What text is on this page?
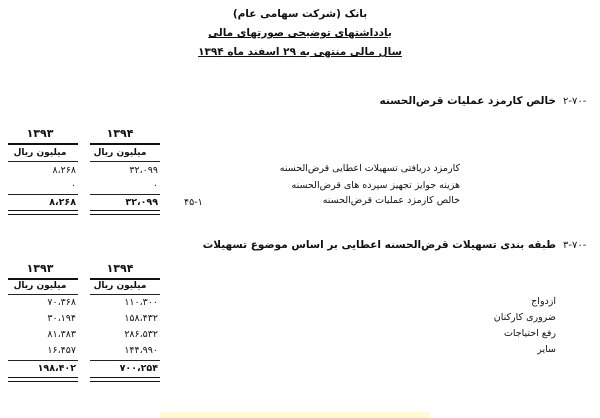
بانک (شرکت سهامی عام)
یادداشتهای توضیحی صورتهای مالی
سال مالی منتهی به ۲۹ اسفند ماه ۱۳۹۴
۲-۷۰-
خالص کارمزد عملیات قرض‌الحسنه
۱۳۹۴
۱۳۹۳
میلیون ریال
میلیون ریال
کارمزد دریافتی تسهیلات اعطایی قرض‌الحسنه
۳۲،۰۹۹
۸،۲۶۸
هزینه جوایز تجهیز سپرده های قرض‌الحسنه
۰
۰
خالص کارمزد عملیات قرض‌الحسنه
۴۵-۱
۳۲،۰۹۹
۸،۲۶۸
۳-۷۰-
طبقه بندی تسهیلات قرض‌الحسنه اعطایی بر اساس موضوع تسهیلات
۱۳۹۴
۱۳۹۳
میلیون ریال
میلیون ریال
ازدواج
۱۱۰،۳۰۰
۷۰،۳۶۸
ضروری کارکنان
۱۵۸،۴۳۲
۳۰،۱۹۴
رفع احتیاجات
۲۸۶،۵۳۲
۸۱،۳۸۳
سایر
۱۴۴،۹۹۰
۱۶،۴۵۷
۷۰۰،۲۵۴
۱۹۸،۴۰۲
